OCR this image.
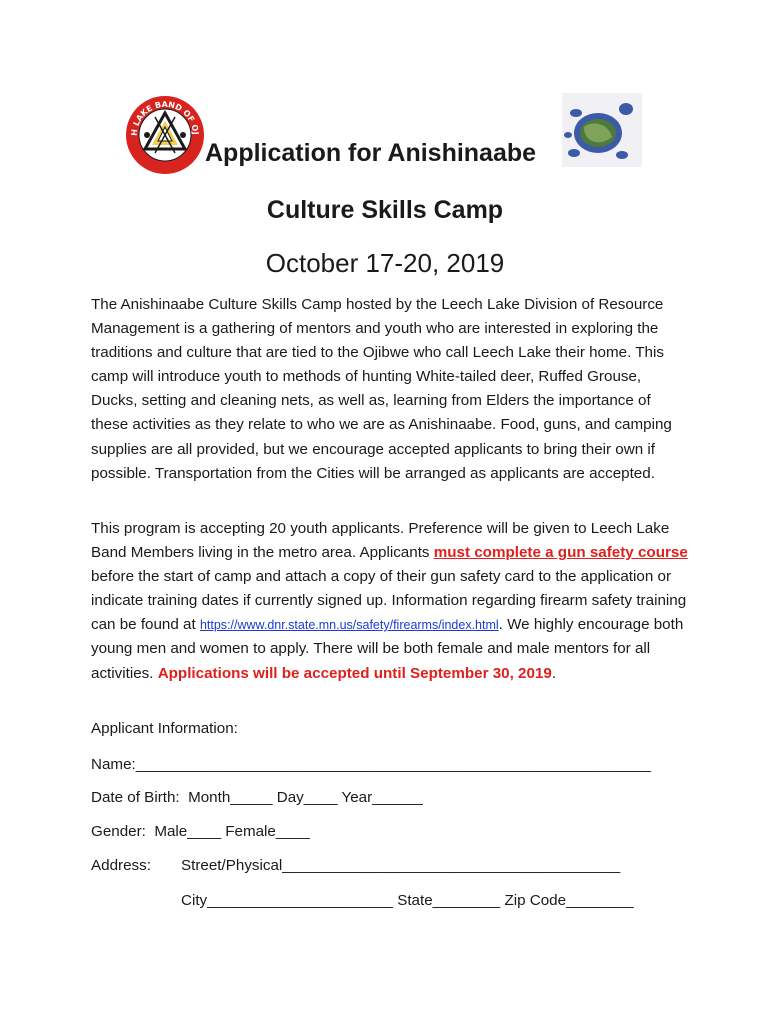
H LAKE BAND OF OJ
Application for Anishinaabe
Culture Skills Camp
October 17-20, 2019

The Anishinaabe Culture Skills Camp hosted by the Leech Lake Division of Resource Management is a gathering of mentors and youth who are interested in exploring the traditions and culture that are tied to the Ojibwe who call Leech Lake their home. This camp will introduce youth to methods of hunting White-tailed deer, Ruffed Grouse, Ducks, setting and cleaning nets, as well as, learning from Elders the importance of these activities as they relate to who we are as Anishinaabe. Food, guns, and camping supplies are all provided, but we encourage accepted applicants to bring their own if possible. Transportation from the Cities will be arranged as applicants are accepted.

This program is accepting 20 youth applicants. Preference will be given to Leech Lake Band Members living in the metro area. Applicants must complete a gun safety course before the start of camp and attach a copy of their gun safety card to the application or indicate training dates if currently signed up. Information regarding firearm safety training can be found at https://www.dnr.state.mn.us/safety/firearms/index.html. We highly encourage both young men and women to apply. There will be both female and male mentors for all activities. Applications will be accepted until September 30, 2019.

Applicant Information:
Name:_____________________________________________________________
Date of Birth:  Month_____ Day____ Year______
Gender:  Male____ Female____
Address: Street/Physical________________________________________
City______________________ State________ Zip Code________
